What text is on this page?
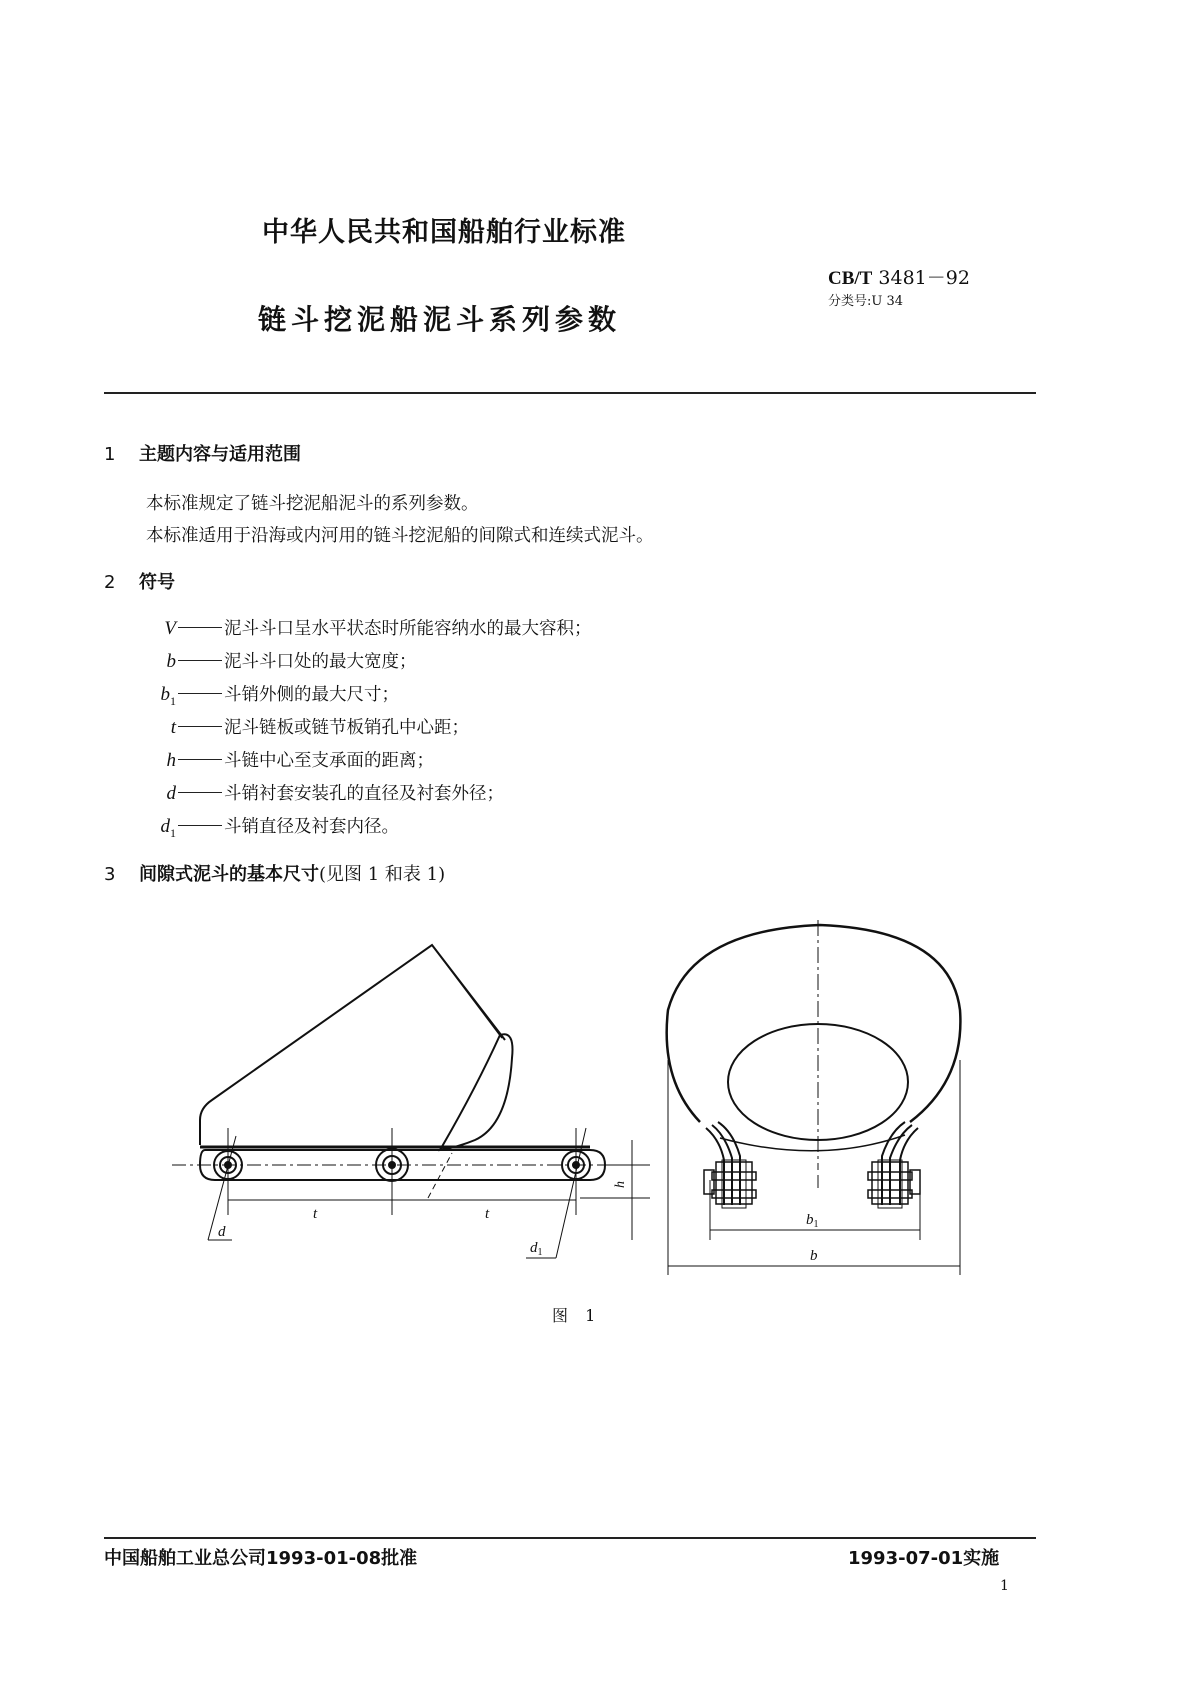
中华人民共和国船舶行业标准
CB/T 3481－92
分类号:U 34
链斗挖泥船泥斗系列参数
1 主题内容与适用范围
本标准规定了链斗挖泥船泥斗的系列参数。
本标准适用于沿海或内河用的链斗挖泥船的间隙式和连续式泥斗。
2 符号
V	泥斗斗口呈水平状态时所能容纳水的最大容积；
b	泥斗斗口处的最大宽度；
$b_1$	斗销外侧的最大尺寸；
t	泥斗链板或链节板销孔中心距；
h	斗链中心至支承面的距离；
d	斗销衬套安装孔的直径及衬套外径；
$d_1$	斗销直径及衬套内径。
3 间隙式泥斗的基本尺寸(见图 1 和表 1)
t	t
d
$d_1$
h
$b_1$
b
图 1
中国船舶工业总公司1993-01-08批准	1993-07-01实施
1
